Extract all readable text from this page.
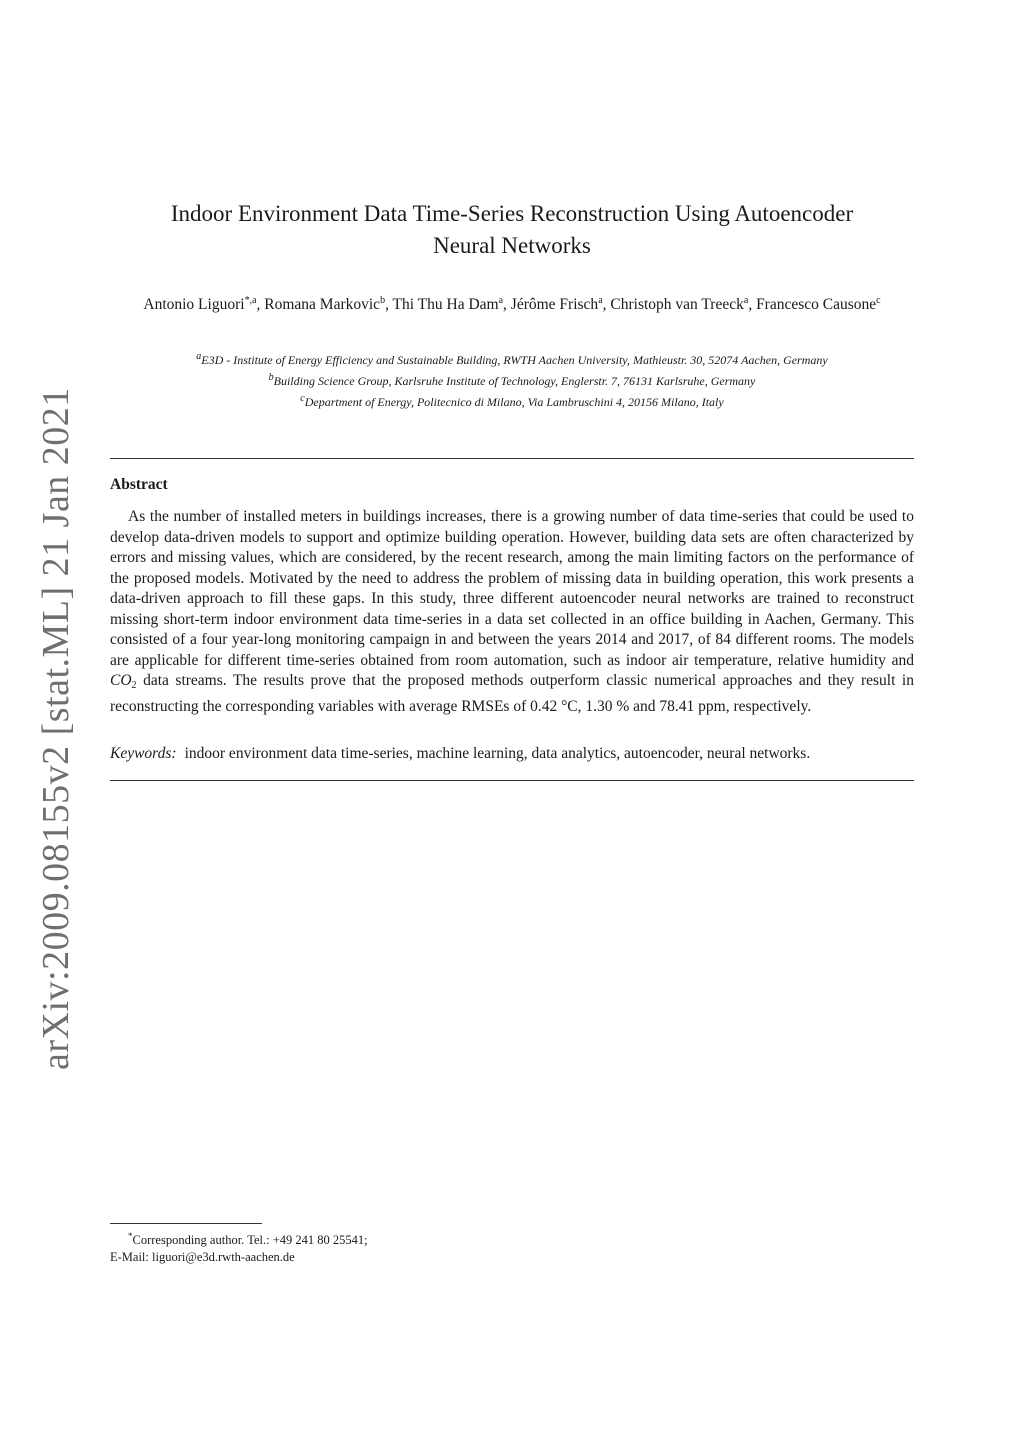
arXiv:2009.08155v2 [stat.ML] 21 Jan 2021
Indoor Environment Data Time-Series Reconstruction Using Autoencoder
Neural Networks
Antonio Liguori$^{*,a}$, Romana Markovic$^b$, Thi Thu Ha Dam$^a$, Jérôme Frisch$^a$, Christoph van Treeck$^a$, Francesco Causone$^c$
$^a$E3D - Institute of Energy Efficiency and Sustainable Building, RWTH Aachen University, Mathieustr. 30, 52074 Aachen, Germany
$^b$Building Science Group, Karlsruhe Institute of Technology, Englerstr. 7, 76131 Karlsruhe, Germany
$^c$Department of Energy, Politecnico di Milano, Via Lambruschini 4, 20156 Milano, Italy
Abstract
As the number of installed meters in buildings increases, there is a growing number of data time-series that could be used to develop data-driven models to support and optimize building operation. However, building data sets are often characterized by errors and missing values, which are considered, by the recent research, among the main limiting factors on the performance of the proposed models. Motivated by the need to address the problem of missing data in building operation, this work presents a data-driven approach to fill these gaps. In this study, three different autoencoder neural networks are trained to reconstruct missing short-term indoor environment data time-series in a data set collected in an office building in Aachen, Germany. This consisted of a four year-long monitoring campaign in and between the years 2014 and 2017, of 84 different rooms. The models are applicable for different time-series obtained from room automation, such as indoor air temperature, relative humidity and $CO_2$ data streams. The results prove that the proposed methods outperform classic numerical approaches and they result in reconstructing the corresponding variables with average RMSEs of 0.42 °C, 1.30 % and 78.41 ppm, respectively.
Keywords: indoor environment data time-series, machine learning, data analytics, autoencoder, neural networks.
*Corresponding author. Tel.: +49 241 80 25541;
E-Mail: liguori@e3d.rwth-aachen.de
